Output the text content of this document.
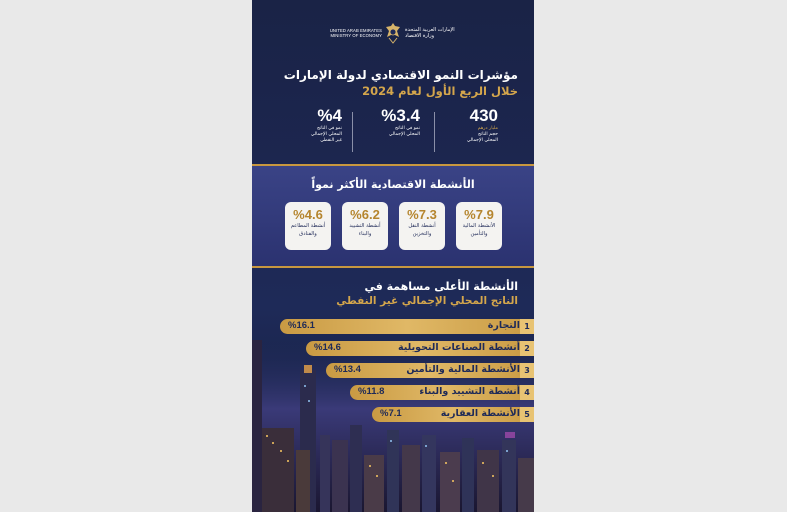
UNITED ARAB EMIRATES
MINISTRY OF ECONOMY
الإمارات العربية المتحدة
وزارة الاقتصاد
مؤشرات النمو الاقتصادي لدولة الإمارات
خلال الربع الأول لعام 2024
430
مليار درهم
حجم الناتج
المحلي الإجمالي
%3.4
نمو في الناتج
المحلي الإجمالي
%4
نمو في الناتج
المحلي الإجمالي
غير النفطي
الأنشطة الاقتصادية الأكثر نمواً
%7.9
الأنشطة المالية
والتأمين
%7.3
أنشطة النقل
والتخزين
%6.2
أنشطة التشييد
والبناء
%4.6
أنشطة المطاعم
والفنادق
الأنشطة الأعلى مساهمة في
الناتج المحلي الإجمالي غير النفطي
%16.1	التجارة 1
%14.6	أنشطة الصناعات التحويلية 2
%13.4	الأنشطة المالية والتأمين 3
%11.8	أنشطة التشييد والبناء 4
%7.1	الأنشطة العقارية 5
